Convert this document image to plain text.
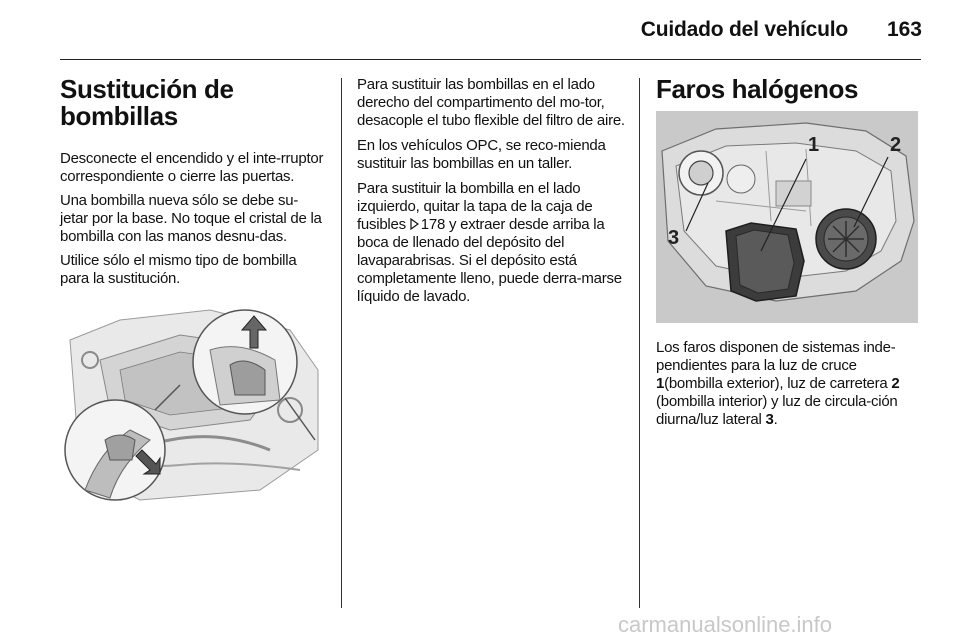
Cuidado del vehículo	163
Sustitución de
bombillas

Desconecte el encendido y el inte-rruptor correspondiente o cierre las puertas.

Una bombilla nueva sólo se debe su-jetar por la base. No toque el cristal de la bombilla con las manos desnu-das.

Utilice sólo el mismo tipo de bombilla para la sustitución.

Para sustituir las bombillas en el lado derecho del compartimento del mo-tor, desacople el tubo flexible del filtro de aire.

En los vehículos OPC, se reco-mienda sustituir las bombillas en un taller.

Para sustituir la bombilla en el lado izquierdo, quitar la tapa de la caja de fusibles 178 y extraer desde arriba la boca de llenado del depósito del lavaparabrisas. Si el depósito está completamente lleno, puede derra-marse líquido de lavado.

Faros halógenos
1	2
3

Los faros disponen de sistemas inde-pendientes para la luz de cruce 1(bombilla exterior), luz de carretera 2 (bombilla interior) y luz de circula-ción diurna/luz lateral 3.

carmanualsonline.info
